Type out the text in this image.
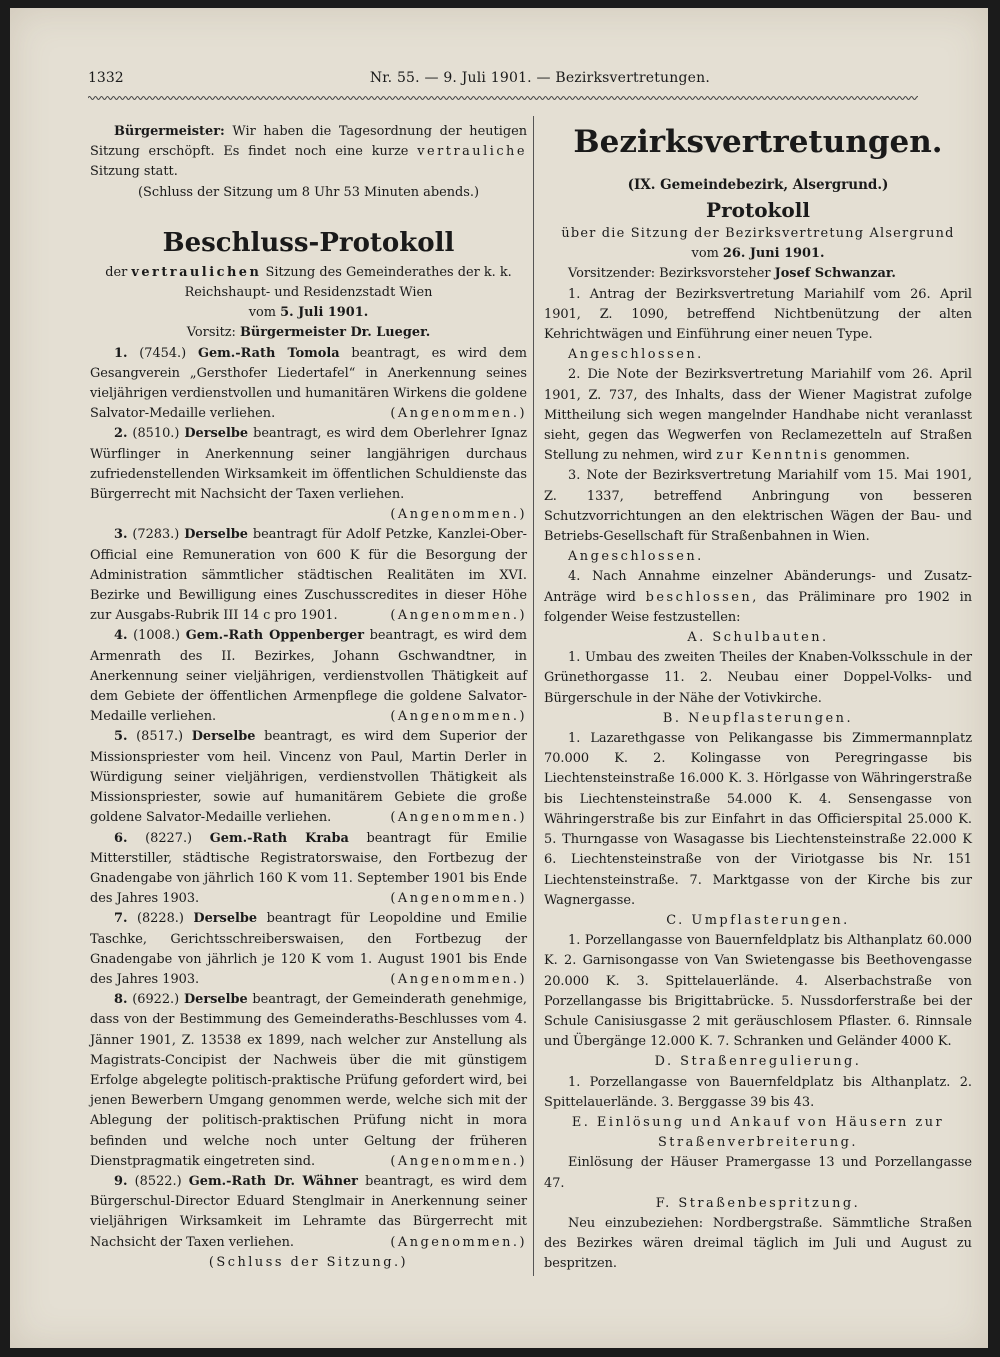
1332	Nr. 55. — 9. Juli 1901. — Bezirksvertretungen.

Bürgermeister: Wir haben die Tagesordnung der heutigen Sitzung erschöpft. Es findet noch eine kurze vertrauliche Sitzung statt.

(Schluss der Sitzung um 8 Uhr 53 Minuten abends.)

Beschluss-Protokoll

der vertraulichen Sitzung des Gemeinderathes der k. k. Reichshaupt- und Residenzstadt Wien

vom 5. Juli 1901.

Vorsitz: Bürgermeister Dr. Lueger.

1. (7454.) Gem.-Rath Tomola beantragt, es wird dem Gesangverein „Gersthofer Liedertafel“ in Anerkennung seines vieljährigen verdienstvollen und humanitären Wirkens die goldene Salvator-Medaille verliehen.	(Angenommen.)

2. (8510.) Derselbe beantragt, es wird dem Oberlehrer Ignaz Würflinger in Anerkennung seiner langjährigen durchaus zufriedenstellenden Wirksamkeit im öffentlichen Schuldienste das Bürgerrecht mit Nachsicht der Taxen verliehen.
(Angenommen.)

3. (7283.) Derselbe beantragt für Adolf Petzke, Kanzlei-Ober-Official eine Remuneration von 600 K für die Besorgung der Administration sämmtlicher städtischen Realitäten im XVI. Bezirke und Bewilligung eines Zuschusscredites in dieser Höhe zur Ausgabs-Rubrik III 14 c pro 1901.	(Angenommen.)

4. (1008.) Gem.-Rath Oppenberger beantragt, es wird dem Armenrath des II. Bezirkes, Johann Gschwandtner, in Anerkennung seiner vieljährigen, verdienstvollen Thätigkeit auf dem Gebiete der öffentlichen Armenpflege die goldene Salvator-Medaille verliehen.	(Angenommen.)

5. (8517.) Derselbe beantragt, es wird dem Superior der Missionspriester vom heil. Vincenz von Paul, Martin Derler in Würdigung seiner vieljährigen, verdienstvollen Thätigkeit als Missionspriester, sowie auf humanitärem Gebiete die große goldene Salvator-Medaille verliehen.	(Angenommen.)

6. (8227.) Gem.-Rath Kraba beantragt für Emilie Mitterstiller, städtische Registratorswaise, den Fortbezug der Gnadengabe von jährlich 160 K vom 11. September 1901 bis Ende des Jahres 1903.	(Angenommen.)

7. (8228.) Derselbe beantragt für Leopoldine und Emilie Taschke, Gerichtsschreiberswaisen, den Fortbezug der Gnadengabe von jährlich je 120 K vom 1. August 1901 bis Ende des Jahres 1903.	(Angenommen.)

8. (6922.) Derselbe beantragt, der Gemeinderath genehmige, dass von der Bestimmung des Gemeinderaths-Beschlusses vom 4. Jänner 1901, Z. 13538 ex 1899, nach welcher zur Anstellung als Magistrats-Concipist der Nachweis über die mit günstigem Erfolge abgelegte politisch-praktische Prüfung gefordert wird, bei jenen Bewerbern Umgang genommen werde, welche sich mit der Ablegung der politisch-praktischen Prüfung nicht in mora befinden und welche noch unter Geltung der früheren Dienstpragmatik eingetreten sind.	(Angenommen.)

9. (8522.) Gem.-Rath Dr. Wähner beantragt, es wird dem Bürgerschul-Director Eduard Stenglmair in Anerkennung seiner vieljährigen Wirksamkeit im Lehramte das Bürgerrecht mit Nachsicht der Taxen verliehen.	(Angenommen.)

(Schluss der Sitzung.)

Bezirksvertretungen.

(IX. Gemeindebezirk, Alsergrund.)

Protokoll

über die Sitzung der Bezirksvertretung Alsergrund

vom 26. Juni 1901.

Vorsitzender: Bezirksvorsteher Josef Schwanzar.

1. Antrag der Bezirksvertretung Mariahilf vom 26. April 1901, Z. 1090, betreffend Nichtbenützung der alten Kehrichtwägen und Einführung einer neuen Type.

Angeschlossen.

2. Die Note der Bezirksvertretung Mariahilf vom 26. April 1901, Z. 737, des Inhalts, dass der Wiener Magistrat zufolge Mittheilung sich wegen mangelnder Handhabe nicht veranlasst sieht, gegen das Wegwerfen von Reclamezetteln auf Straßen Stellung zu nehmen, wird zur Kenntnis genommen.

3. Note der Bezirksvertretung Mariahilf vom 15. Mai 1901, Z. 1337, betreffend Anbringung von besseren Schutzvorrichtungen an den elektrischen Wägen der Bau- und Betriebs-Gesellschaft für Straßenbahnen in Wien.

Angeschlossen.

4. Nach Annahme einzelner Abänderungs- und Zusatz-Anträge wird beschlossen, das Präliminare pro 1902 in folgender Weise festzustellen:

A. Schulbauten.

1. Umbau des zweiten Theiles der Knaben-Volksschule in der Grünethorgasse 11. 2. Neubau einer Doppel-Volks- und Bürgerschule in der Nähe der Votivkirche.

B. Neupflasterungen.

1. Lazarethgasse von Pelikangasse bis Zimmermannplatz 70.000 K. 2. Kolingasse von Peregringasse bis Liechtensteinstraße 16.000 K. 3. Hörlgasse von Währingerstraße bis Liechtensteinstraße 54.000 K. 4. Sensengasse von Währingerstraße bis zur Einfahrt in das Officierspital 25.000 K. 5. Thurngasse von Wasagasse bis Liechtensteinstraße 22.000 K 6. Liechtensteinstraße von der Viriotgasse bis Nr. 151 Liechtensteinstraße. 7. Marktgasse von der Kirche bis zur Wagnergasse.

C. Umpflasterungen.

1. Porzellangasse von Bauernfeldplatz bis Althanplatz 60.000 K. 2. Garnisongasse von Van Swietengasse bis Beethovengasse 20.000 K. 3. Spittelauerlände. 4. Alserbachstraße von Porzellangasse bis Brigittabrücke. 5. Nussdorferstraße bei der Schule Canisiusgasse 2 mit geräuschlosem Pflaster. 6. Rinnsale und Übergänge 12.000 K. 7. Schranken und Geländer 4000 K.

D. Straßenregulierung.

1. Porzellangasse von Bauernfeldplatz bis Althanplatz. 2. Spittelauerlände. 3. Berggasse 39 bis 43.

E. Einlösung und Ankauf von Häusern zur Straßenverbreiterung.

Einlösung der Häuser Pramergasse 13 und Porzellangasse 47.

F. Straßenbespritzung.

Neu einzubeziehen: Nordbergstraße. Sämmtliche Straßen des Bezirkes wären dreimal täglich im Juli und August zu bespritzen.
